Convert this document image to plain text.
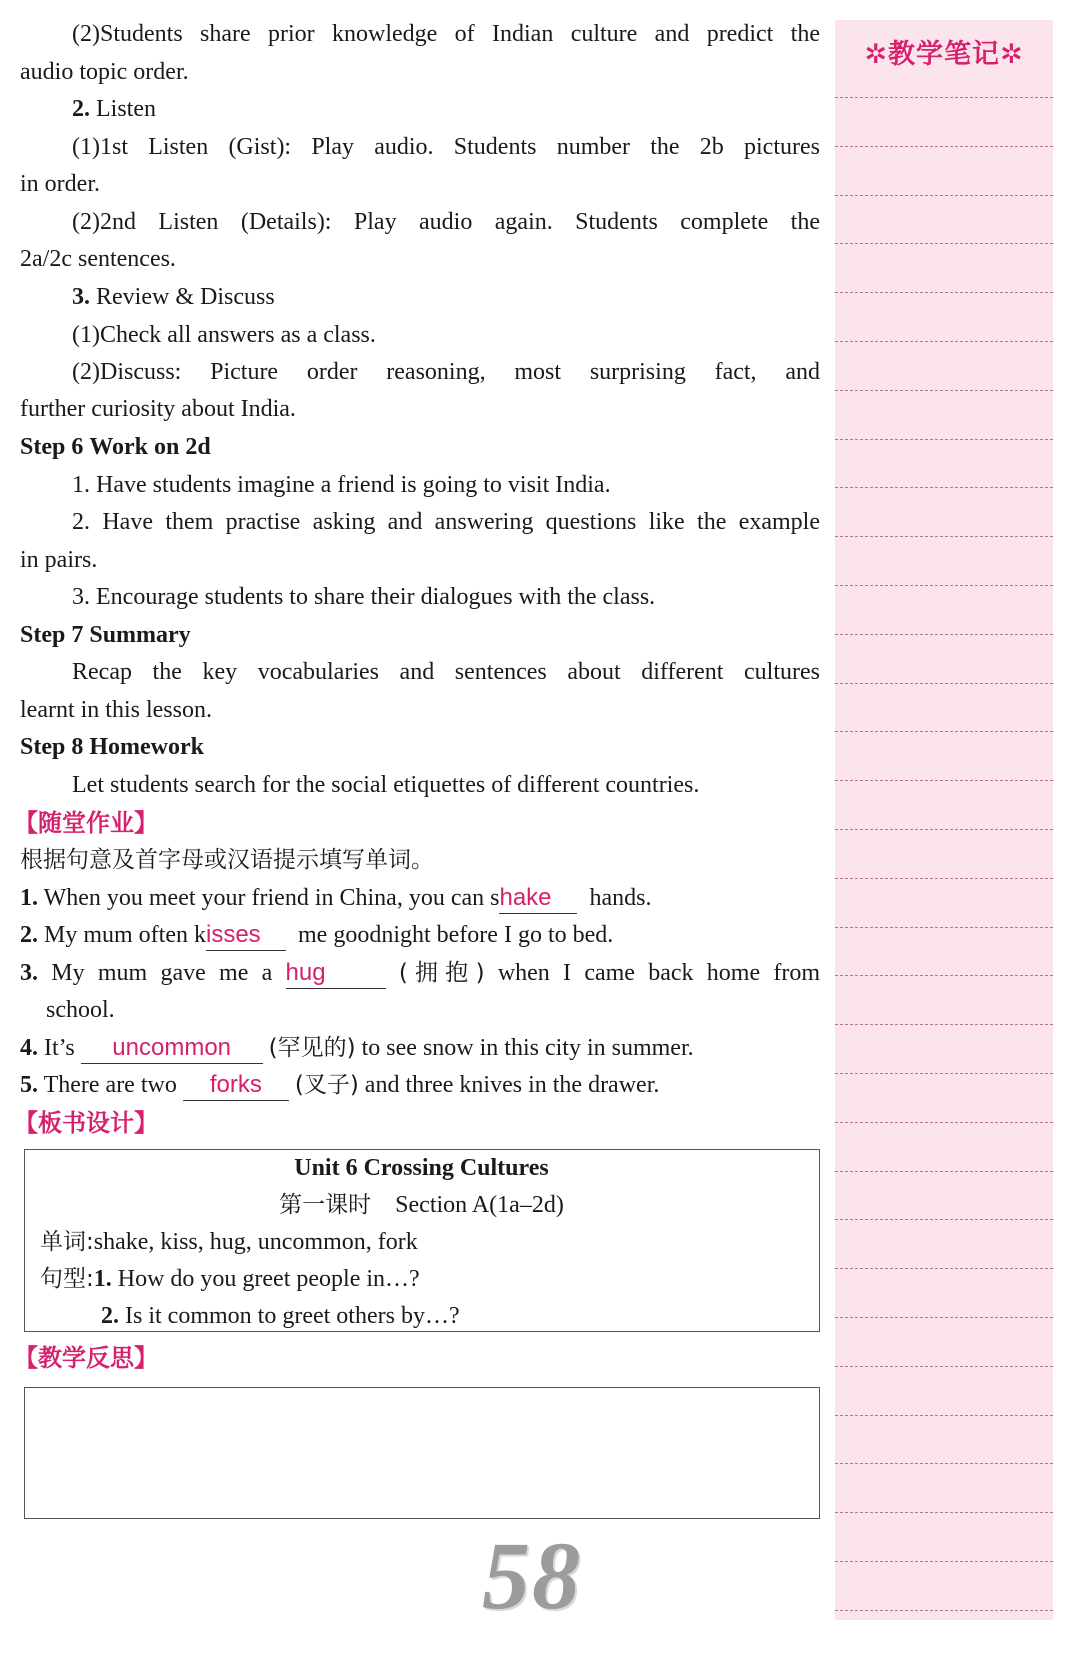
(2)Students share prior knowledge of Indian culture and predict the
audio topic order.
2. Listen
(1)1st Listen (Gist): Play audio. Students number the 2b pictures
in order.
(2)2nd Listen (Details): Play audio again. Students complete the
2a/2c sentences.
3. Review & Discuss
(1)Check all answers as a class.
(2)Discuss: Picture order reasoning, most surprising fact, and
further curiosity about India.
Step 6 Work on 2d
1. Have students imagine a friend is going to visit India.
2. Have them practise asking and answering questions like the example
in pairs.
3. Encourage students to share their dialogues with the class.
Step 7 Summary
Recap the key vocabularies and sentences about different cultures
learnt in this lesson.
Step 8 Homework
Let students search for the social etiquettes of different countries.
【随堂作业】
根据句意及首字母或汉语提示填写单词。
1. When you meet your friend in China, you can shake hands.
2. My mum often kisses me goodnight before I go to bed.
3. My mum gave me a hug	(拥抱) when I came back home from
school.
4. It’s uncommon (罕见的) to see snow in this city in summer.
5. There are two forks (叉子) and three knives in the drawer.
【板书设计】
Unit 6 Crossing Cultures
第一课时 Section A(1a–2d)
单词:shake, kiss, hug, uncommon, fork
句型:1. How do you greet people in…?
2. Is it common to greet others by…?
【教学反思】
58
✲教学笔记✲
